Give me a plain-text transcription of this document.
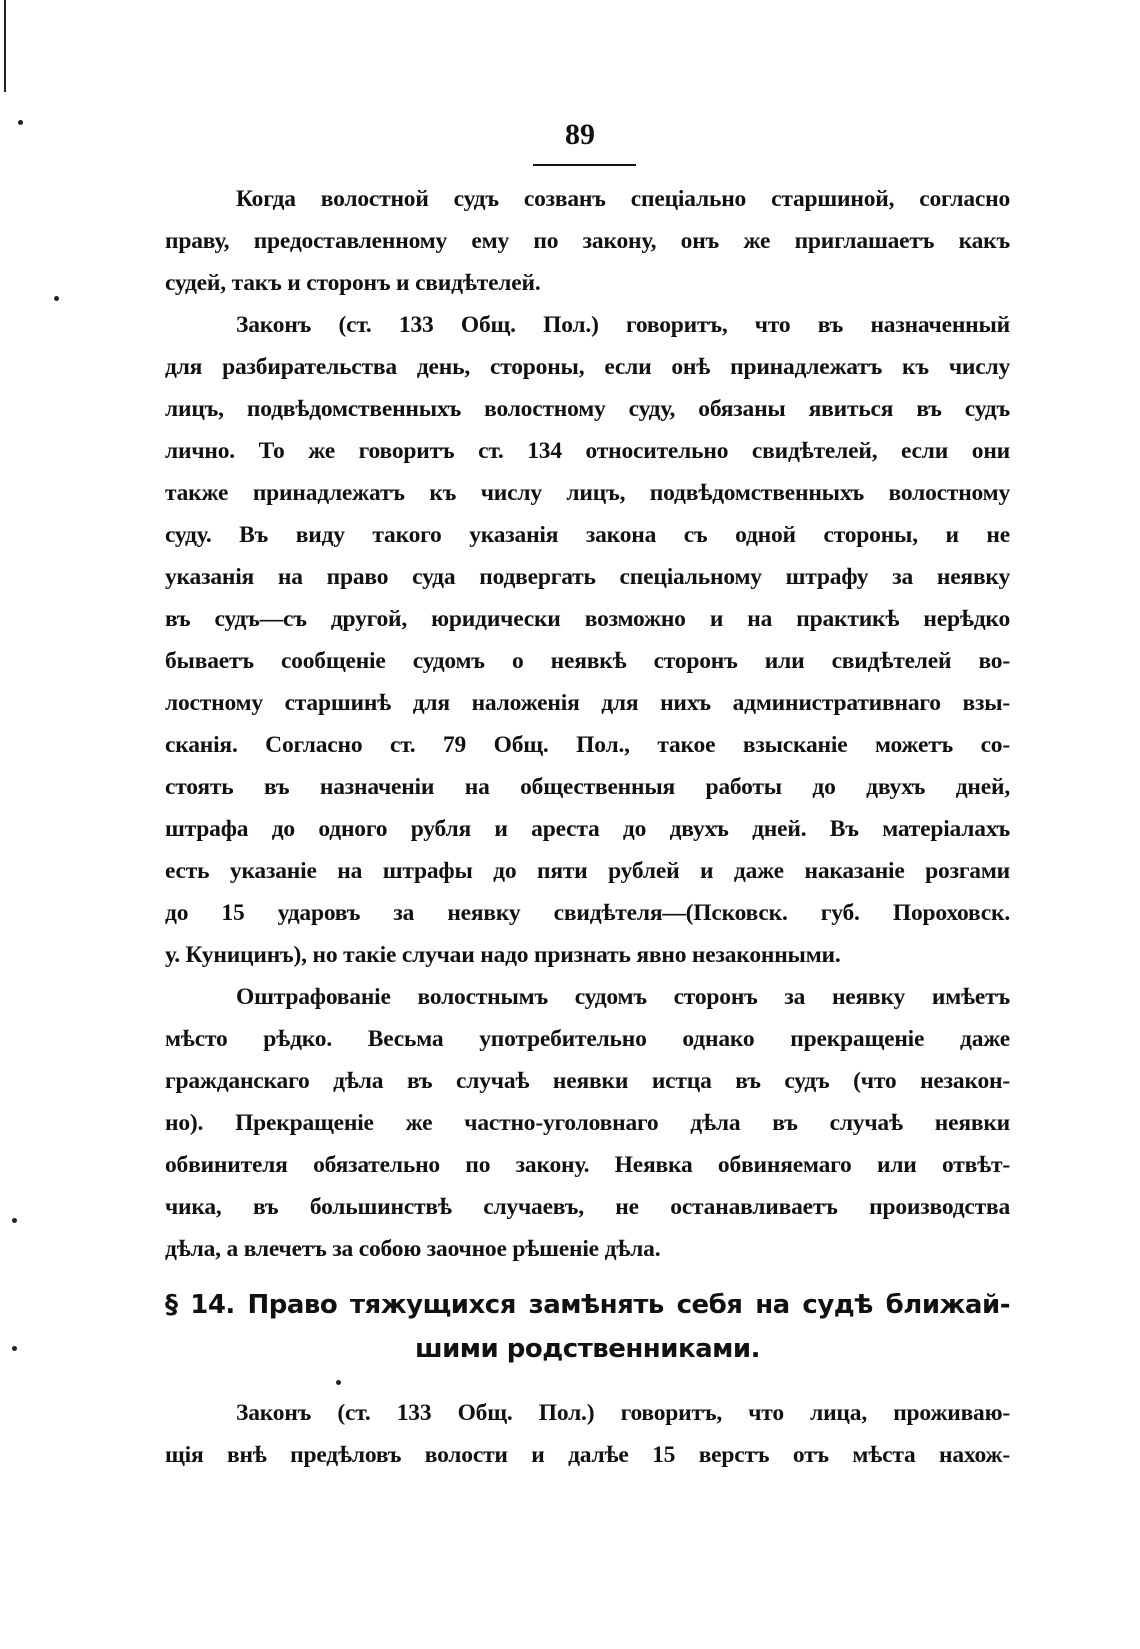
89
Когда волостной судъ созванъ спеціально старшиной, согласно
праву, предоставленному ему по закону, онъ же приглашаетъ какъ
судей, такъ и сторонъ и свидѣтелей.
Законъ (ст. 133 Общ. Пол.) говоритъ, что въ назначенный
для разбирательства день, стороны, если онѣ принадлежатъ къ числу
лицъ, подвѣдомственныхъ волостному суду, обязаны явиться въ судъ
лично. То же говоритъ ст. 134 относительно свидѣтелей, если они
также принадлежатъ къ числу лицъ, подвѣдомственныхъ волостному
суду. Въ виду такого указанія закона съ одной стороны, и не
указанія на право суда подвергать спеціальному штрафу за неявку
въ судъ—съ другой, юридически возможно и на практикѣ нерѣдко
бываетъ сообщеніе судомъ о неявкѣ сторонъ или свидѣтелей во-
лостному старшинѣ для наложенія для нихъ административнаго взы-
сканія. Согласно ст. 79 Общ. Пол., такое взысканіе можетъ со-
стоять въ назначеніи на общественныя работы до двухъ дней,
штрафа до одного рубля и ареста до двухъ дней. Въ матеріалахъ
есть указаніе на штрафы до пяти рублей и даже наказаніе розгами
до 15 ударовъ за неявку свидѣтеля—(Псковск. губ. Пороховск.
у. Куницинъ), но такіе случаи надо признать явно незаконными.
Оштрафованіе волостнымъ судомъ сторонъ за неявку имѣетъ
мѣсто рѣдко. Весьма употребительно однако прекращеніе даже
гражданскаго дѣла въ случаѣ неявки истца въ судъ (что незакон-
но). Прекращеніе же частно-уголовнаго дѣла въ случаѣ неявки
обвинителя обязательно по закону. Неявка обвиняемаго или отвѣт-
чика, въ большинствѣ случаевъ, не останавливаетъ производства
дѣла, а влечетъ за собою заочное рѣшеніе дѣла.
§ 14. Право тяжущихся замѣнять себя на судѣ ближай-
шими родственниками.
Законъ (ст. 133 Общ. Пол.) говоритъ, что лица, проживаю-
щія внѣ предѣловъ волости и далѣе 15 верстъ отъ мѣста нахож-
